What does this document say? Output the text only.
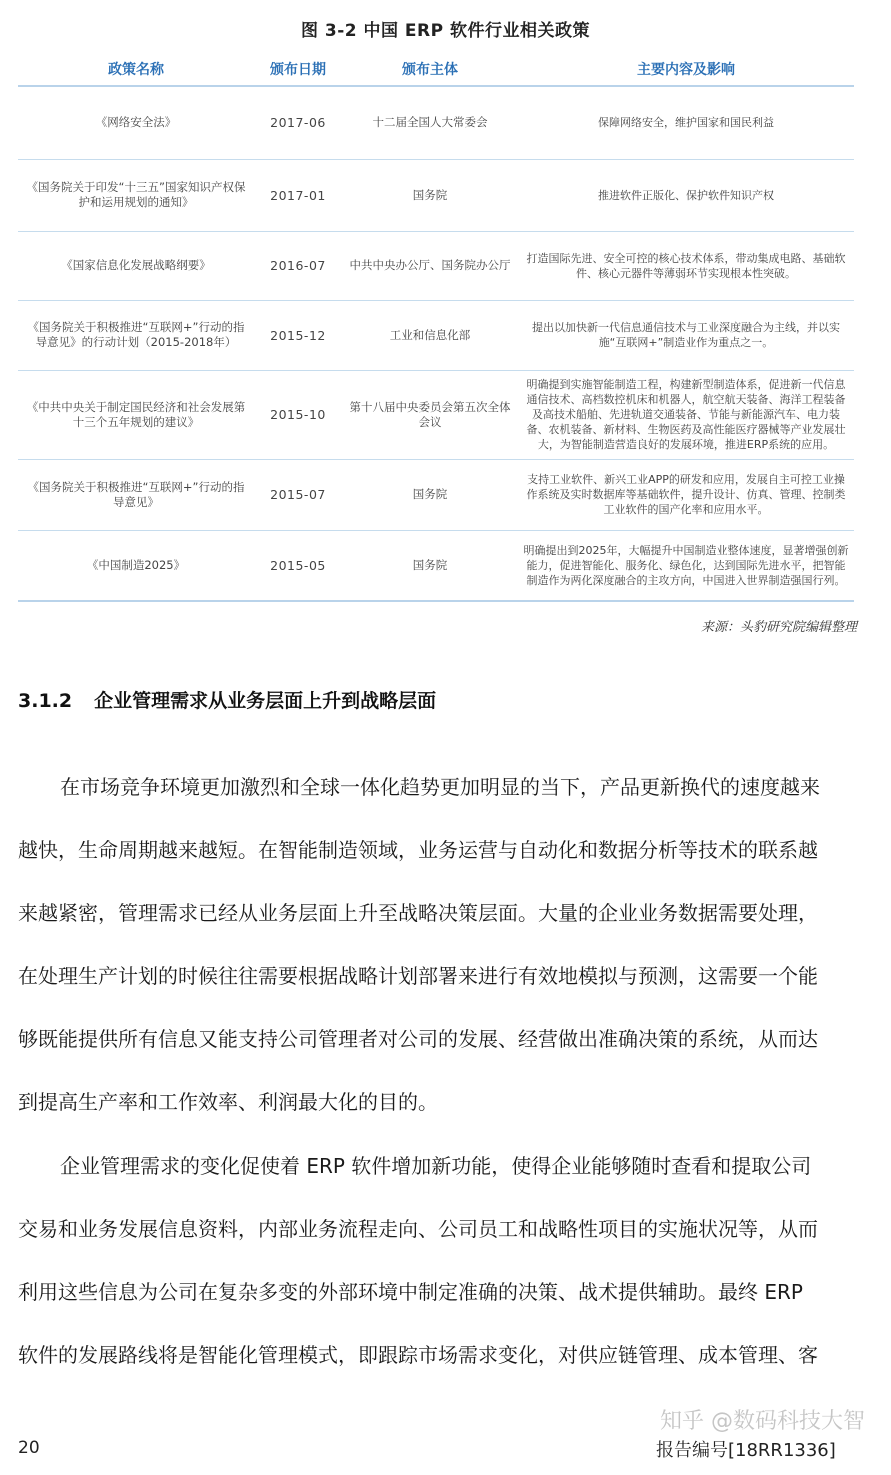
图 3-2 中国 ERP 软件行业相关政策
政策名称	颁布日期	颁布主体	主要内容及影响
《网络安全法》	2017-06	十二届全国人大常委会	保障网络安全，维护国家和国民利益
《国务院关于印发“十三五”国家知识产权保护和运用规划的通知》	2017-01	国务院	推进软件正版化、保护软件知识产权
《国家信息化发展战略纲要》	2016-07	中共中央办公厅、国务院办公厅	打造国际先进、安全可控的核心技术体系，带动集成电路、基础软件、核心元器件等薄弱环节实现根本性突破。
《国务院关于积极推进“互联网+”行动的指导意见》的行动计划（2015-2018年）	2015-12	工业和信息化部	提出以加快新一代信息通信技术与工业深度融合为主线，并以实施“互联网+”制造业作为重点之一。
《中共中央关于制定国民经济和社会发展第十三个五年规划的建议》	2015-10	第十八届中央委员会第五次全体会议	明确提到实施智能制造工程，构建新型制造体系，促进新一代信息通信技术、高档数控机床和机器人，航空航天装备、海洋工程装备及高技术船舶、先进轨道交通装备、节能与新能源汽车、电力装备、农机装备、新材料、生物医药及高性能医疗器械等产业发展壮大，为智能制造营造良好的发展环境，推进ERP系统的应用。
《国务院关于积极推进“互联网+”行动的指导意见》	2015-07	国务院	支持工业软件、新兴工业APP的研发和应用，发展自主可控工业操作系统及实时数据库等基础软件，提升设计、仿真、管理、控制类工业软件的国产化率和应用水平。
《中国制造2025》	2015-05	国务院	明确提出到2025年，大幅提升中国制造业整体速度，显著增强创新能力，促进智能化、服务化、绿色化，达到国际先进水平，把智能制造作为两化深度融合的主攻方向，中国进入世界制造强国行列。
来源：头豹研究院编辑整理
3.1.2 企业管理需求从业务层面上升到战略层面
在市场竞争环境更加激烈和全球一体化趋势更加明显的当下，产品更新换代的速度越来
越快，生命周期越来越短。在智能制造领域，业务运营与自动化和数据分析等技术的联系越
来越紧密，管理需求已经从业务层面上升至战略决策层面。大量的企业业务数据需要处理，
在处理生产计划的时候往往需要根据战略计划部署来进行有效地模拟与预测，这需要一个能
够既能提供所有信息又能支持公司管理者对公司的发展、经营做出准确决策的系统，从而达
到提高生产率和工作效率、利润最大化的目的。
企业管理需求的变化促使着 ERP 软件增加新功能，使得企业能够随时查看和提取公司
交易和业务发展信息资料，内部业务流程走向、公司员工和战略性项目的实施状况等，从而
利用这些信息为公司在复杂多变的外部环境中制定准确的决策、战术提供辅助。最终 ERP
软件的发展路线将是智能化管理模式，即跟踪市场需求变化，对供应链管理、成本管理、客
知乎 @数码科技大智
20	报告编号[18RR1336]
